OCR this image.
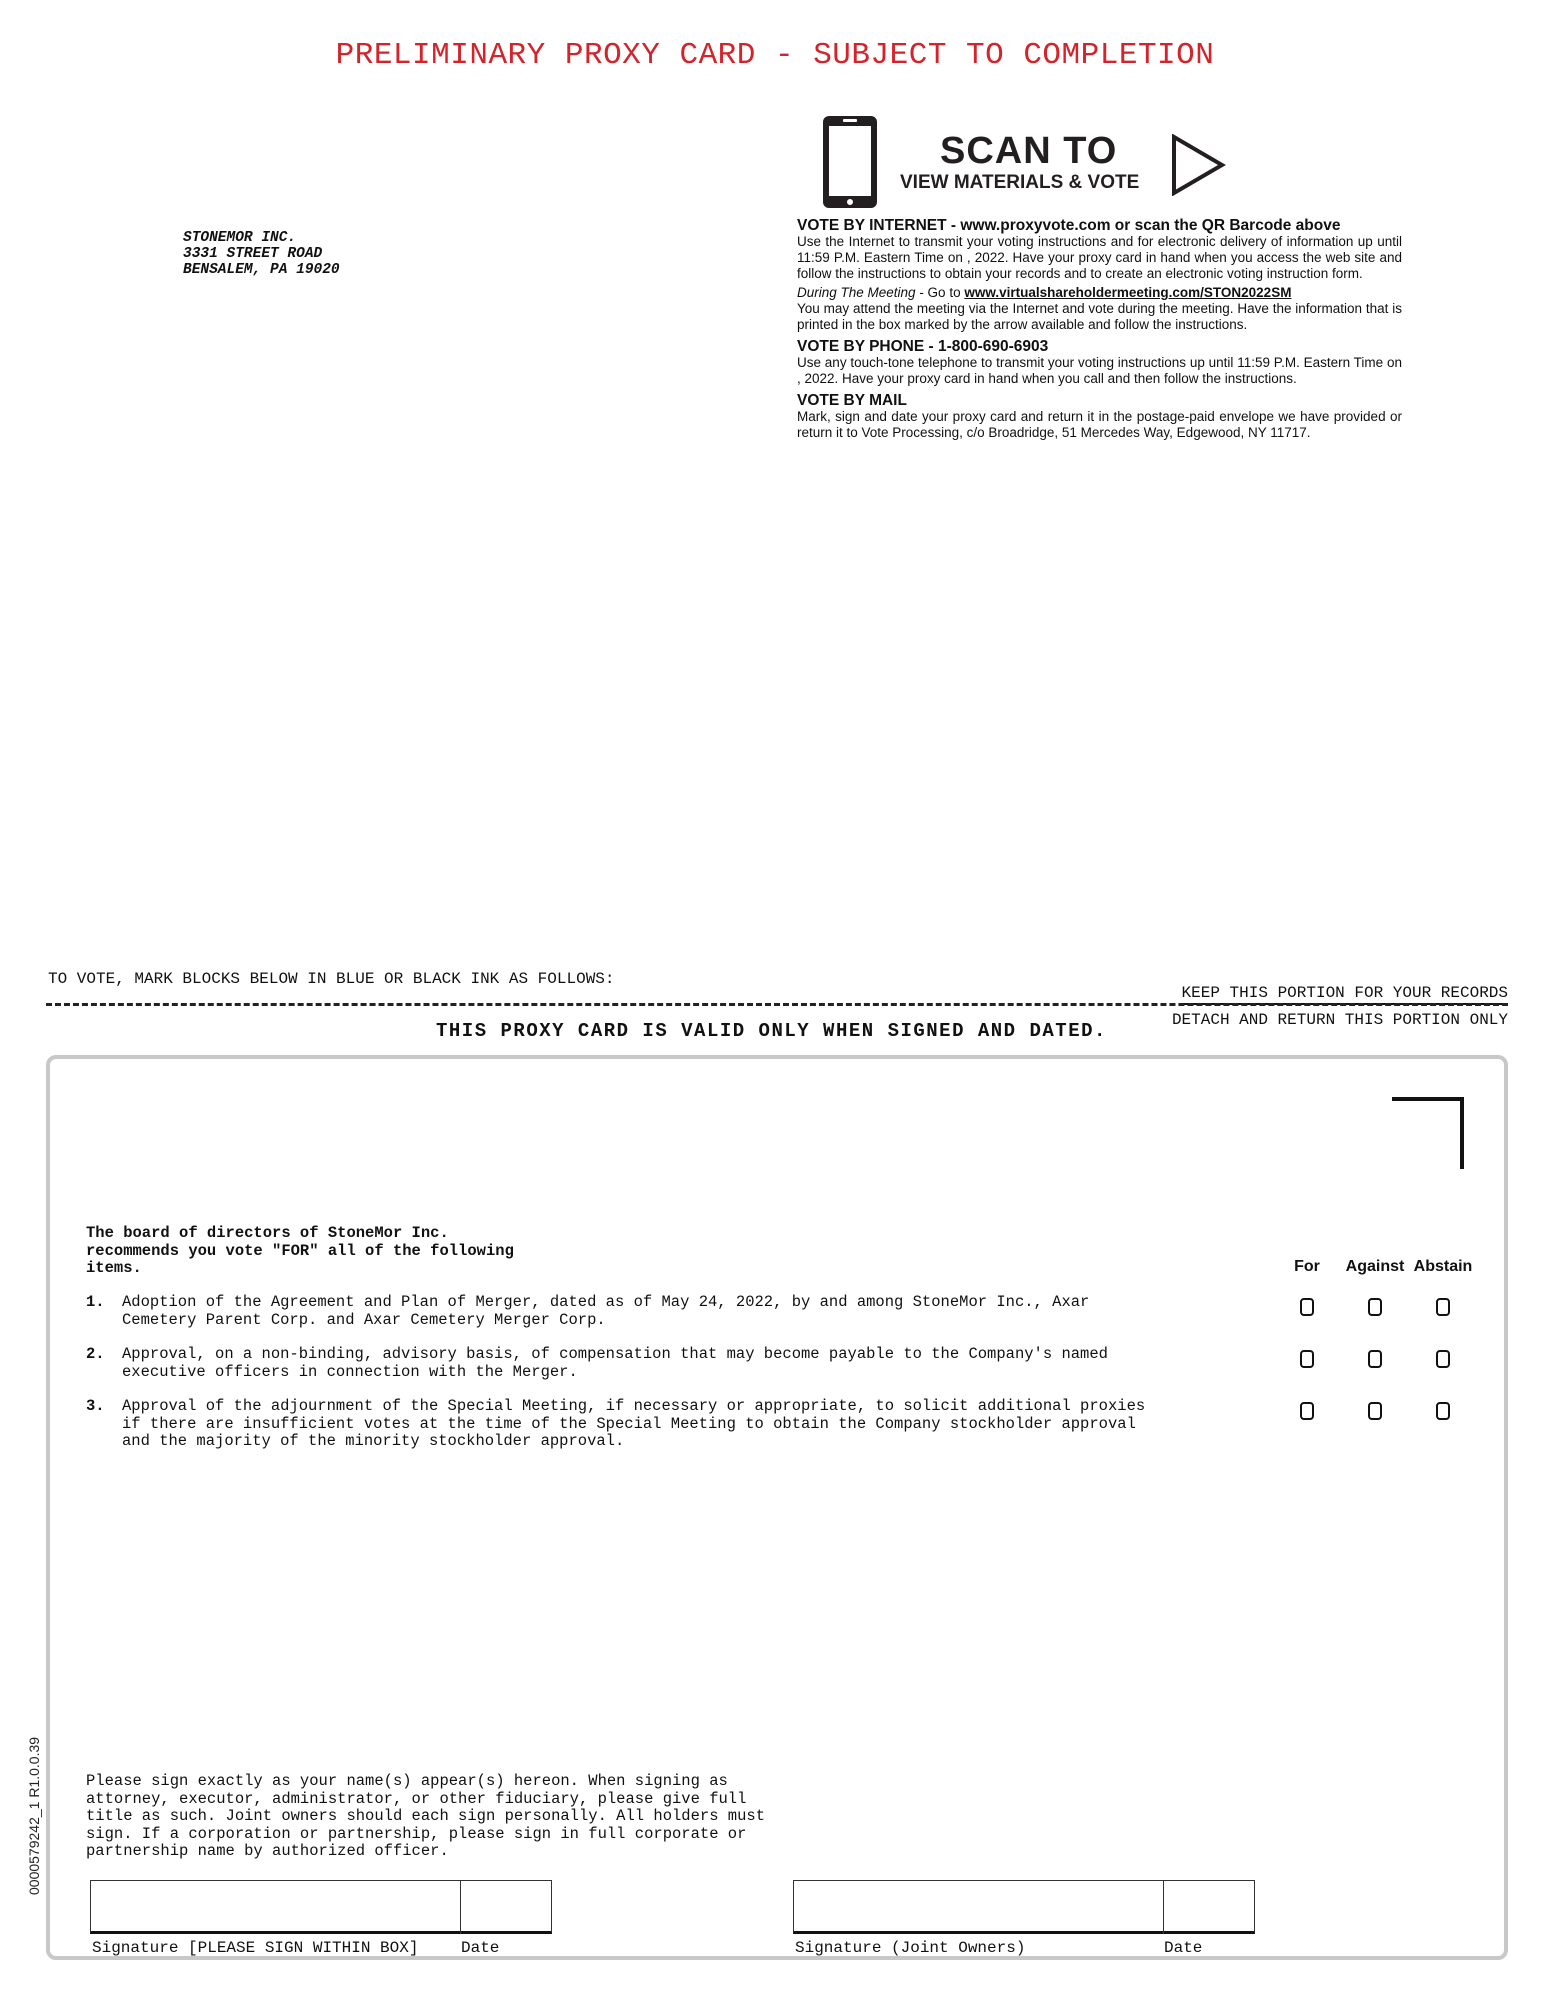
PRELIMINARY PROXY CARD - SUBJECT TO COMPLETION
SCAN TO
VIEW MATERIALS & VOTE
STONEMOR INC.
3331 STREET ROAD
BENSALEM, PA 19020
VOTE BY INTERNET - www.proxyvote.com or scan the QR Barcode above

Use the Internet to transmit your voting instructions and for electronic delivery of information up until 11:59 P.M. Eastern Time on , 2022. Have your proxy card in hand when you access the web site and follow the instructions to obtain your records and to create an electronic voting instruction form.

During The Meeting - Go to www.virtualshareholdermeeting.com/STON2022SM

You may attend the meeting via the Internet and vote during the meeting. Have the information that is printed in the box marked by the arrow available and follow the instructions.

VOTE BY PHONE - 1-800-690-6903

Use any touch-tone telephone to transmit your voting instructions up until 11:59 P.M. Eastern Time on , 2022. Have your proxy card in hand when you call and then follow the instructions.

VOTE BY MAIL

Mark, sign and date your proxy card and return it in the postage-paid envelope we have provided or return it to Vote Processing, c/o Broadridge, 51 Mercedes Way, Edgewood, NY 11717.

TO VOTE, MARK BLOCKS BELOW IN BLUE OR BLACK INK AS FOLLOWS:
KEEP THIS PORTION FOR YOUR RECORDS
DETACH AND RETURN THIS PORTION ONLY
THIS PROXY CARD IS VALID ONLY WHEN SIGNED AND DATED.
The board of directors of StoneMor Inc. recommends you vote "FOR" all of the following items.	For	Against Abstain
1. Adoption of the Agreement and Plan of Merger, dated as of May 24, 2022, by and among StoneMor Inc., Axar Cemetery Parent Corp. and Axar Cemetery Merger Corp.
2. Approval, on a non-binding, advisory basis, of compensation that may become payable to the Company's named executive officers in connection with the Merger.
3. Approval of the adjournment of the Special Meeting, if necessary or appropriate, to solicit additional proxies if there are insufficient votes at the time of the Special Meeting to obtain the Company stockholder approval and the majority of the minority stockholder approval.
Please sign exactly as your name(s) appear(s) hereon. When signing as attorney, executor, administrator, or other fiduciary, please give full title as such. Joint owners should each sign personally. All holders must sign. If a corporation or partnership, please sign in full corporate or partnership name by authorized officer.
Signature [PLEASE SIGN WITHIN BOX]	Date	Signature (Joint Owners)	Date
0000579242_1 R1.0.0.39
